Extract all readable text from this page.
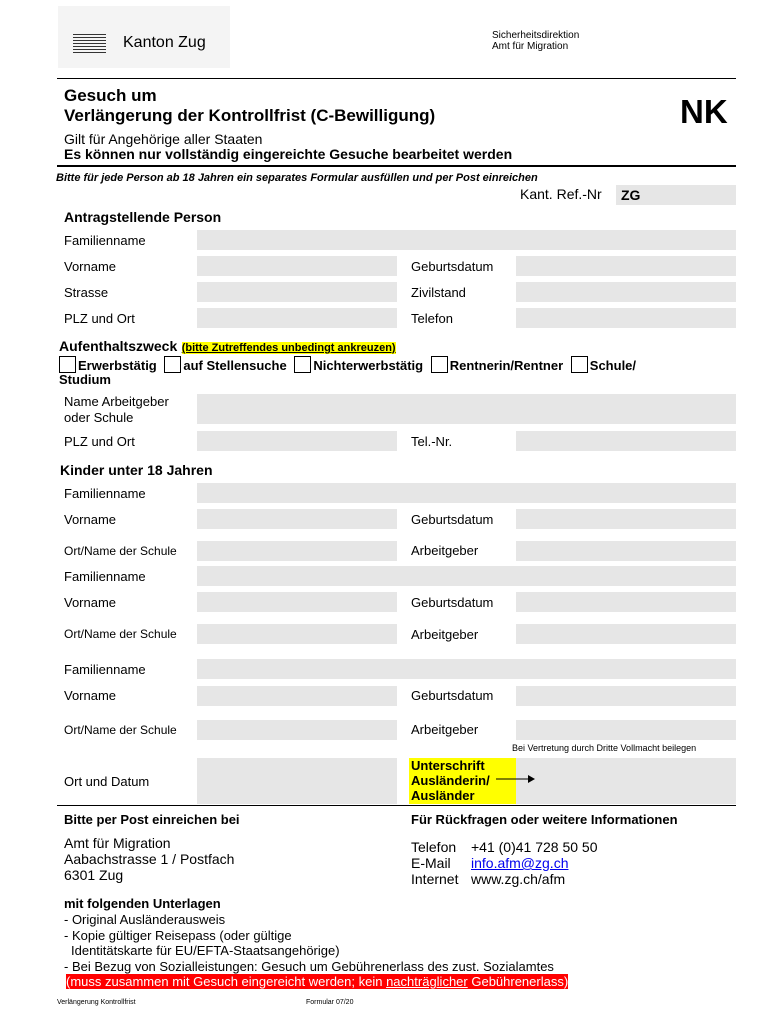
Kanton Zug	Sicherheitsdirektion
Amt für Migration
Gesuch um
Verlängerung der Kontrollfrist (C-Bewilligung)	NK
Gilt für Angehörige aller Staaten
Es können nur vollständig eingereichte Gesuche bearbeitet werden
Bitte für jede Person ab 18 Jahren ein separates Formular ausfüllen und per Post einreichen
Kant. Ref.-Nr ZG
Antragstellende Person
Familienname
Vorname	Geburtsdatum
Strasse	Zivilstand
PLZ und Ort	Telefon
Aufenthaltszweck (bitte Zutreffendes unbedingt ankreuzen)
Erwerbstätig auf Stellensuche Nichterwerbstätig Rentnerin/Rentner Schule/
Studium
Name Arbeitgeber
oder Schule
PLZ und Ort	Tel.-Nr.
Kinder unter 18 Jahren
Familienname
Vorname	Geburtsdatum
Ort/Name der Schule	Arbeitgeber
Familienname
Vorname	Geburtsdatum
Ort/Name der Schule	Arbeitgeber
Familienname
Vorname	Geburtsdatum
Ort/Name der Schule	Arbeitgeber
Bei Vertretung durch Dritte Vollmacht beilegen
Ort und Datum
Unterschrift
Ausländerin/
Ausländer
Bitte per Post einreichen bei
Amt für Migration
Aabachstrasse 1 / Postfach
6301 Zug
Für Rückfragen oder weitere Informationen
Telefon +41 (0)41 728 50 50
E-Mail info.afm@zg.ch
Internet www.zg.ch/afm
mit folgenden Unterlagen
- Original Ausländerausweis
- Kopie gültiger Reisepass (oder gültige
Identitätskarte für EU/EFTA-Staatsangehörige)
- Bei Bezug von Sozialleistungen: Gesuch um Gebührenerlass des zust. Sozialamtes
(muss zusammen mit Gesuch eingereicht werden; kein nachträglicher Gebührenerlass)
Verlängerung Kontrollfrist	Formular 07/20
